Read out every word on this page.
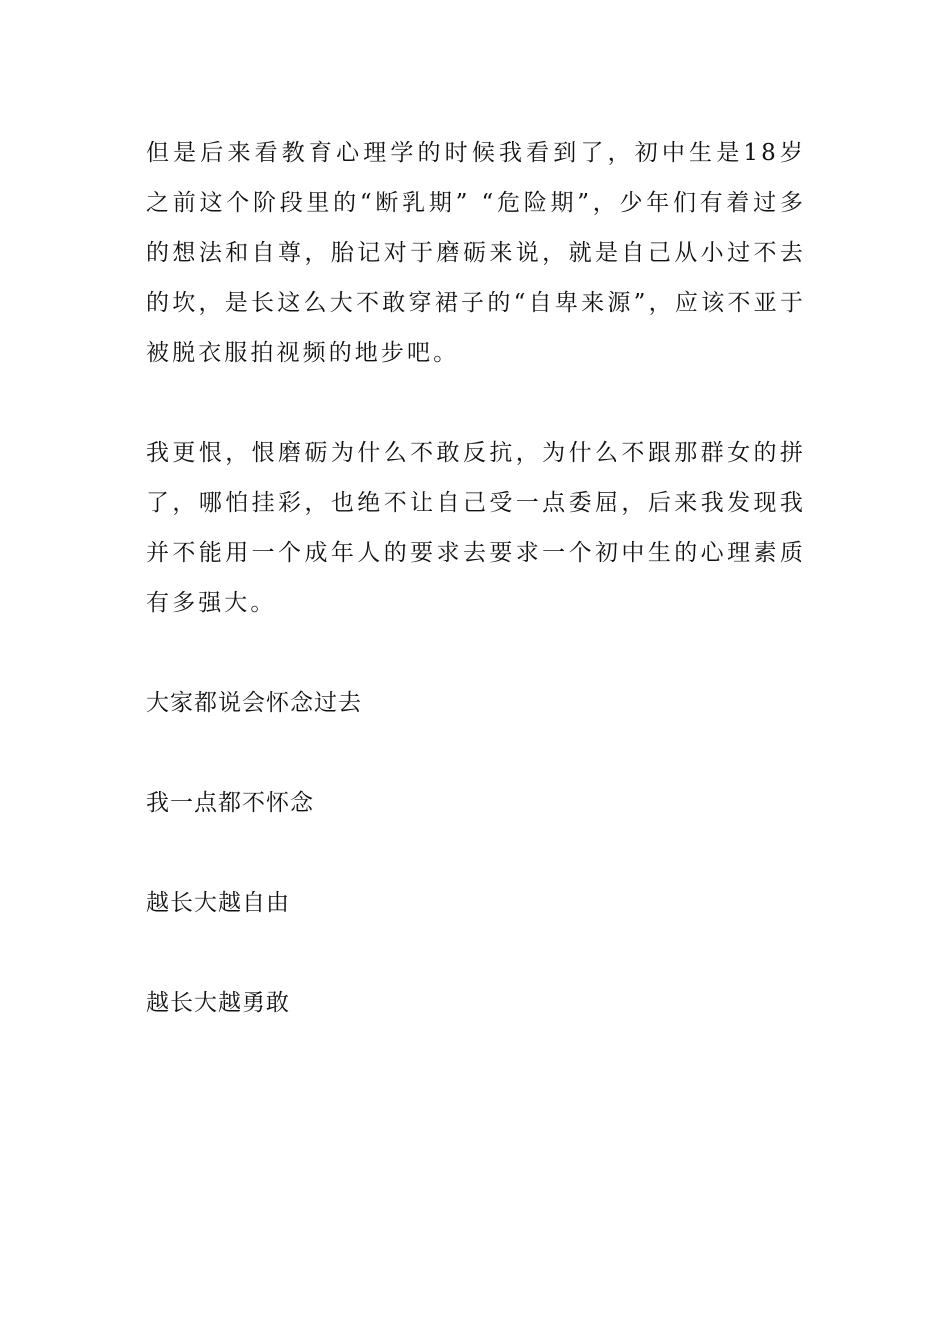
但是后来看教育心理学的时候我看到了，初中生是18岁之前这个阶段里的“断乳期” “危险期”，少年们有着过多的想法和自尊，胎记对于磨砺来说，就是自己从小过不去的坎，是长这么大不敢穿裙子的“自卑来源”，应该不亚于被脱衣服拍视频的地步吧。

我更恨，恨磨砺为什么不敢反抗，为什么不跟那群女的拼了，哪怕挂彩，也绝不让自己受一点委屈，后来我发现我并不能用一个成年人的要求去要求一个初中生的心理素质有多强大。

大家都说会怀念过去

我一点都不怀念

越长大越自由

越长大越勇敢
